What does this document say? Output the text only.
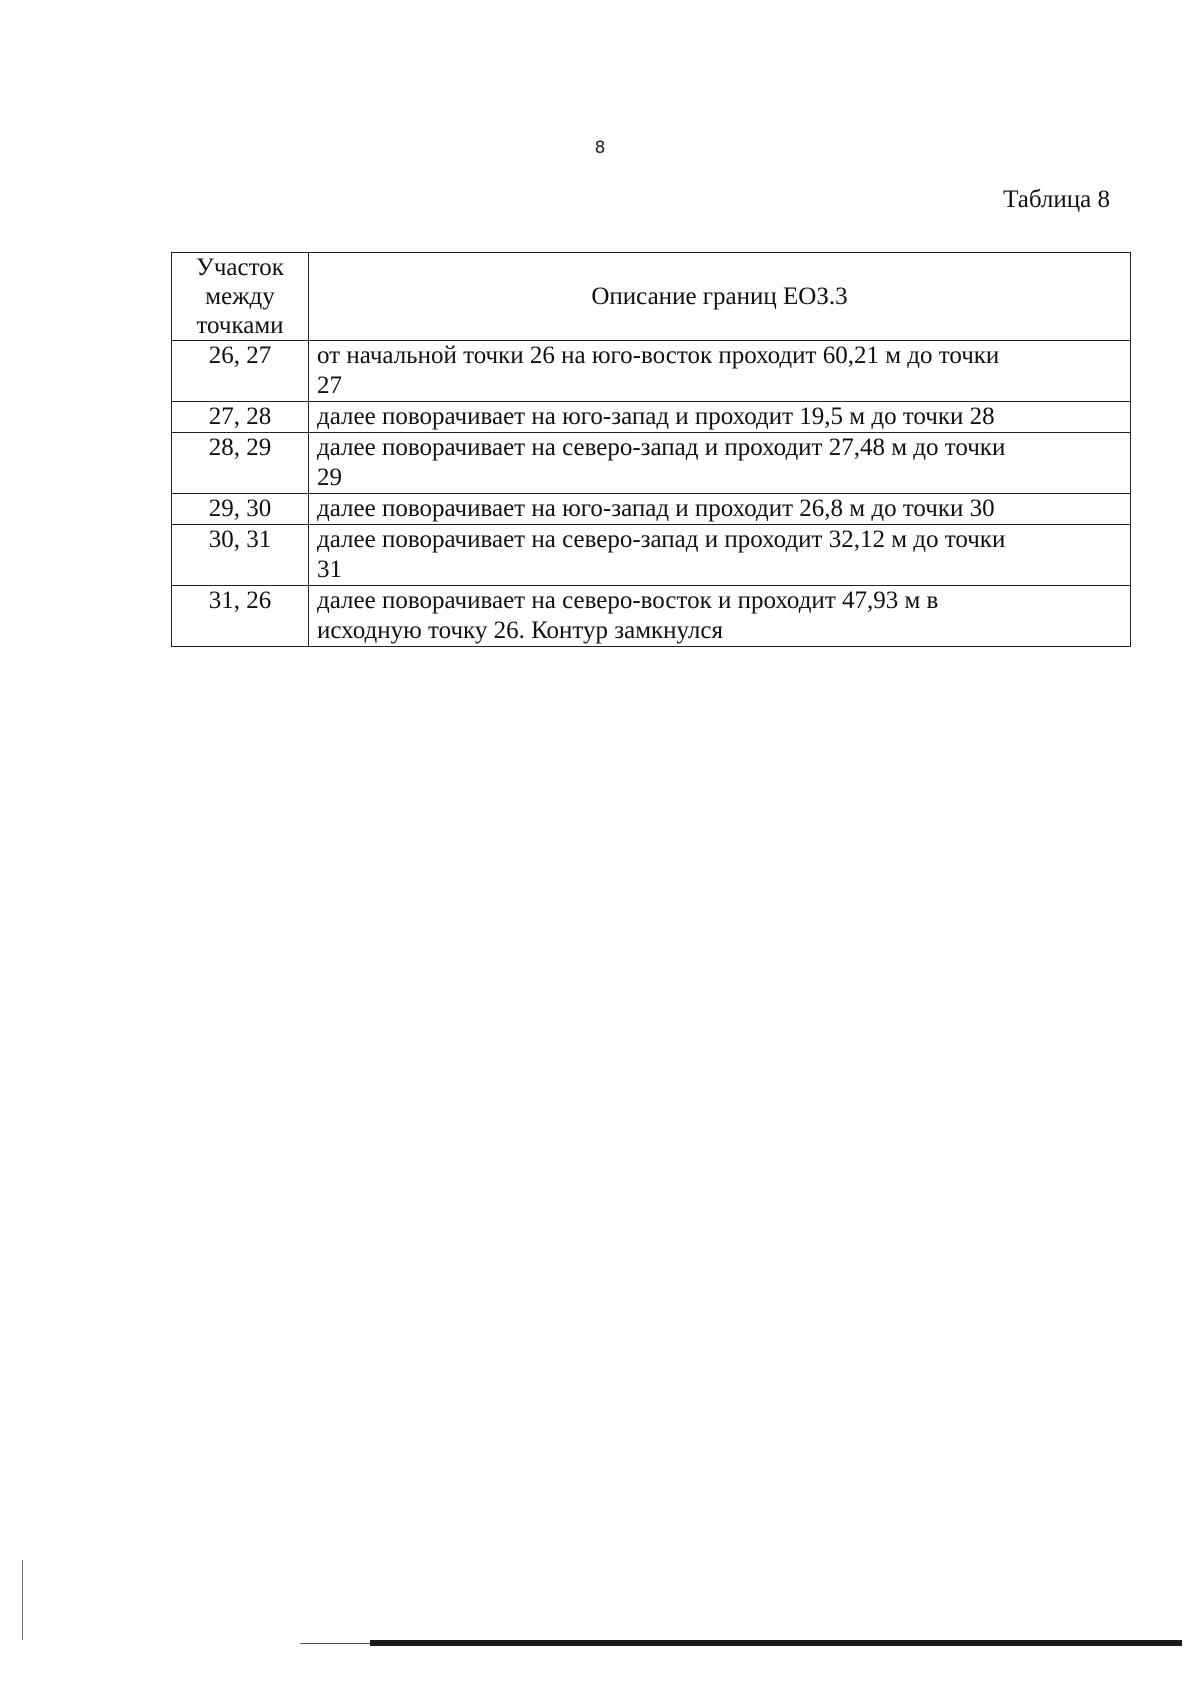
8
Таблица 8
Участок
между
точками	Описание границ ЕОЗ.3
26, 27	от начальной точки 26 на юго-восток проходит 60,21 м до точки 27
27, 28	далее поворачивает на юго-запад и проходит 19,5 м до точки 28
28, 29	далее поворачивает на северо-запад и проходит 27,48 м до точки 29
29, 30	далее поворачивает на юго-запад и проходит 26,8 м до точки 30
30, 31	далее поворачивает на северо-запад и проходит 32,12 м до точки 31
31, 26	далее поворачивает на северо-восток и проходит 47,93 м в исходную точку 26. Контур замкнулся
